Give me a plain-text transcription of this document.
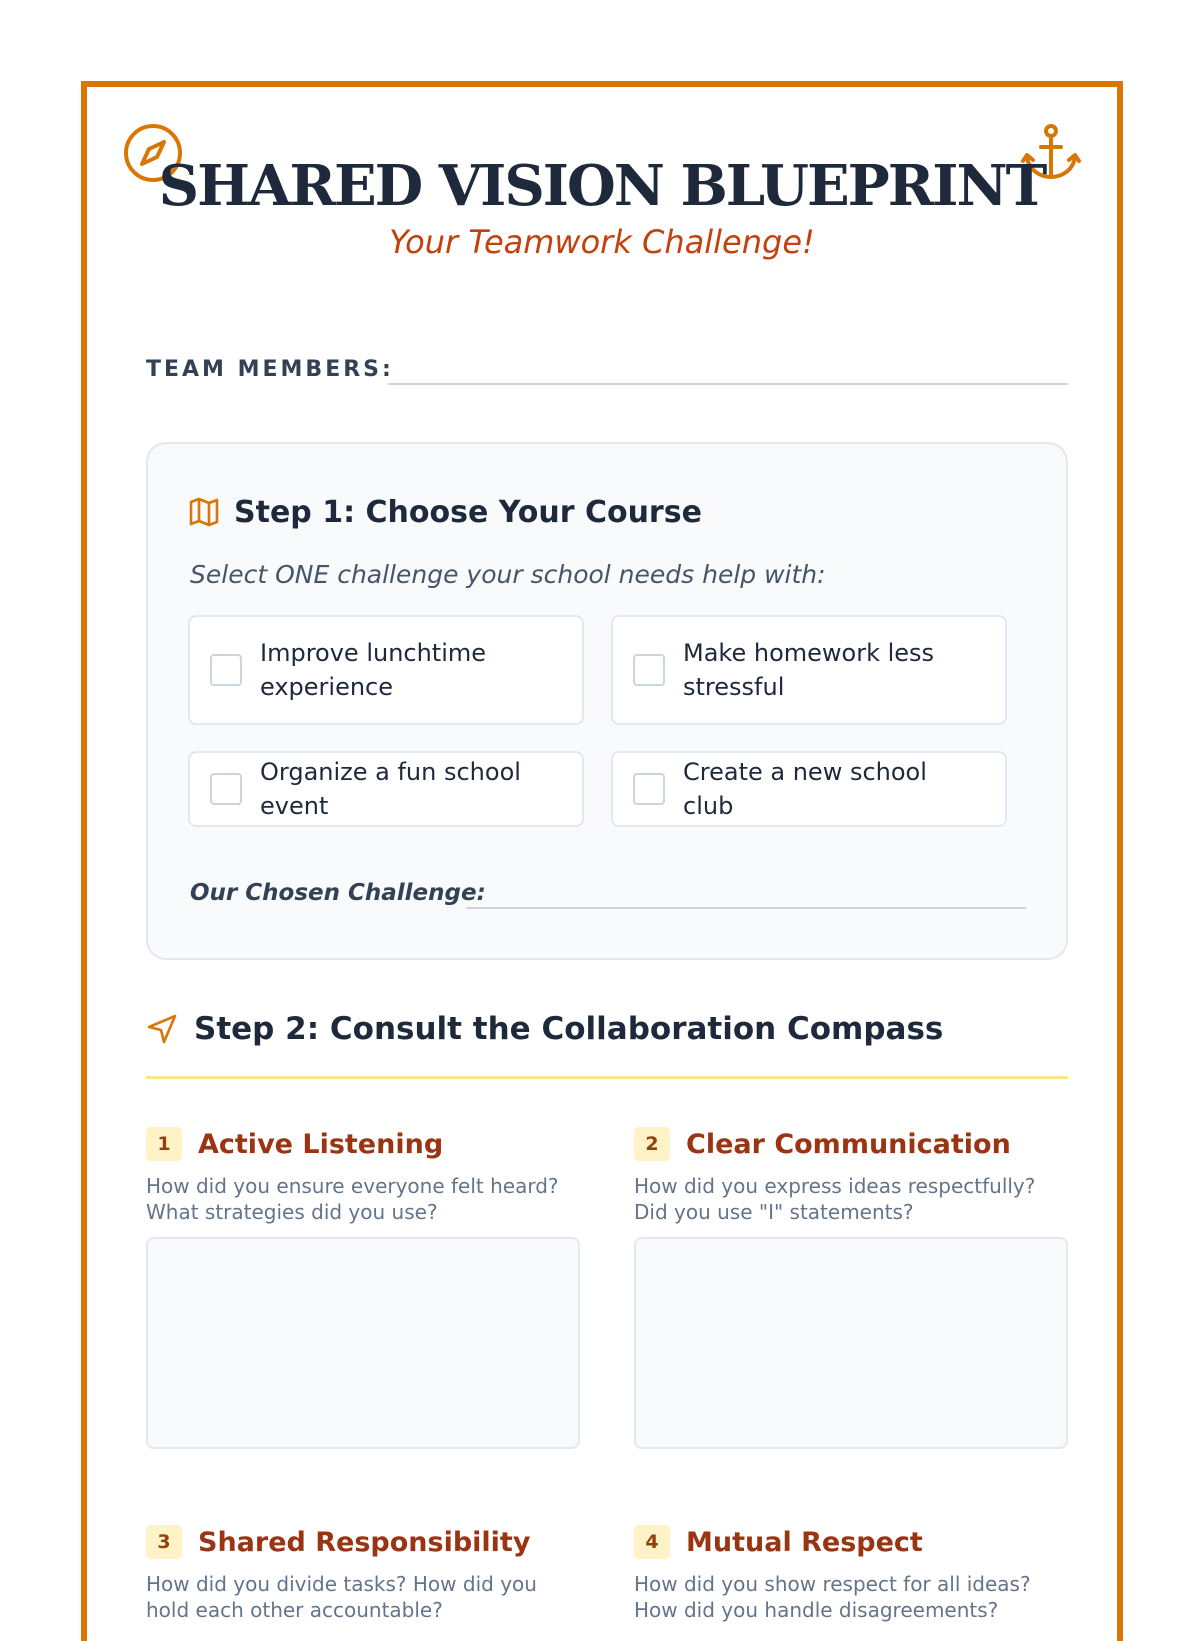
SHARED VISION BLUEPRINT
Your Teamwork Challenge!
TEAM MEMBERS:
Step 1: Choose Your Course

Select ONE challenge your school needs help with:

Improve lunchtime experience
Make homework less stressful
Organize a fun school event
Create a new school club
Our Chosen Challenge:
Step 2: Consult the Collaboration Compass
1	Active Listening

How did you ensure everyone felt heard? What strategies did you use?

2	Clear Communication

How did you express ideas respectfully? Did you use "I" statements?

3	Shared Responsibility

How did you divide tasks? How did you hold each other accountable?

4	Mutual Respect

How did you show respect for all ideas? How did you handle disagreements?
